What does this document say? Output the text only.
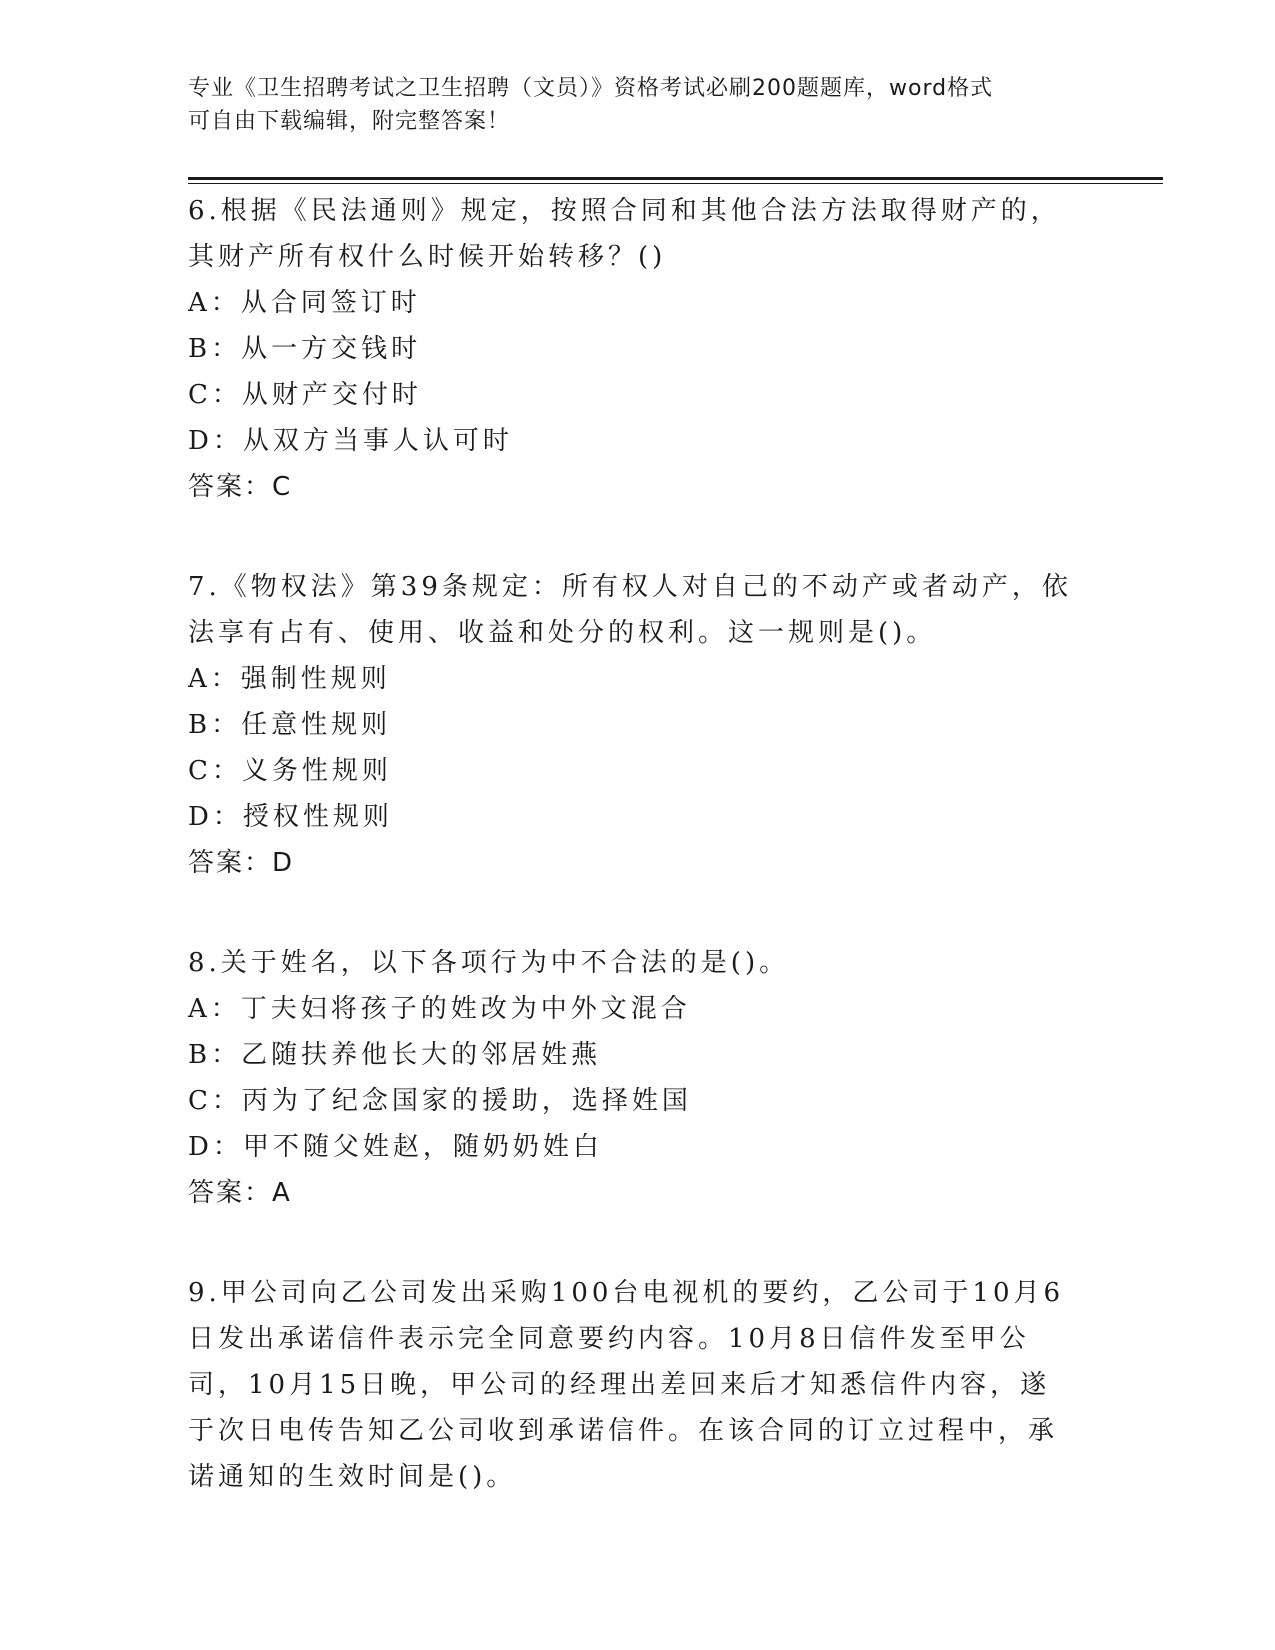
专业《卫生招聘考试之卫生招聘（文员）》资格考试必刷200题题库，word格式
可自由下载编辑，附完整答案！

6.根据《民法通则》规定，按照合同和其他合法方法取得财产的，其财产所有权什么时候开始转移？()

A：从合同签订时
B：从一方交钱时
C：从财产交付时
D：从双方当事人认可时
答案：C

7.《物权法》第39条规定：所有权人对自己的不动产或者动产，依法享有占有、使用、收益和处分的权利。这一规则是()。

A：强制性规则
B：任意性规则
C：义务性规则
D：授权性规则
答案：D

8.关于姓名，以下各项行为中不合法的是()。

A：丁夫妇将孩子的姓改为中外文混合
B：乙随扶养他长大的邻居姓燕
C：丙为了纪念国家的援助，选择姓国
D：甲不随父姓赵，随奶奶姓白
答案：A

9.甲公司向乙公司发出采购100台电视机的要约，乙公司于10月6日发出承诺信件表示完全同意要约内容。10月8日信件发至甲公司，10月15日晚，甲公司的经理出差回来后才知悉信件内容，遂于次日电传告知乙公司收到承诺信件。在该合同的订立过程中，承诺通知的生效时间是()。
